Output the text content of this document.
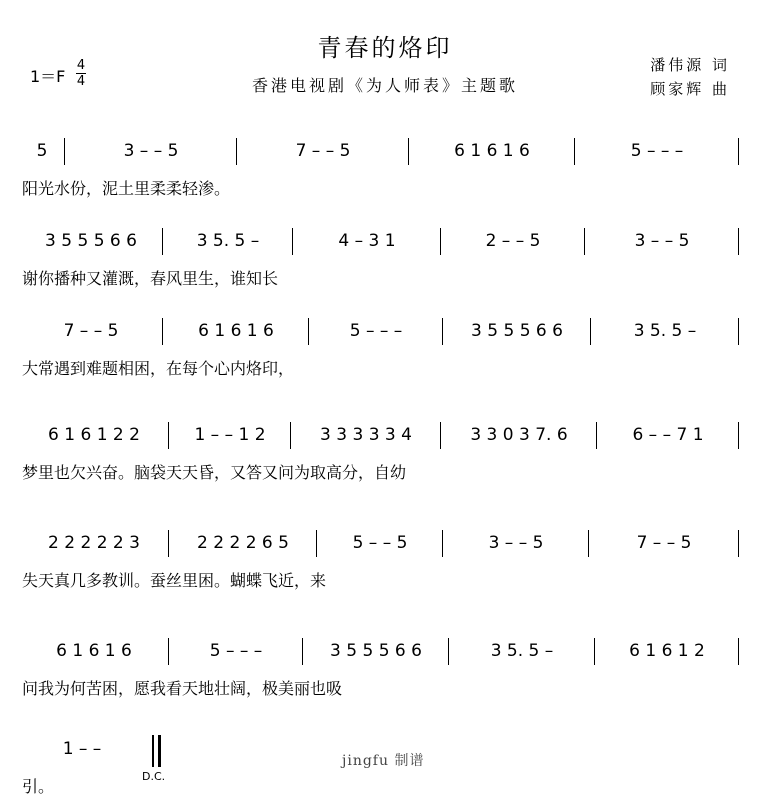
青春的烙印
香港电视剧《为人师表》主题歌
潘伟源 词
顾家辉 曲
1＝F
4
4
5	3 – – 5	7 – – 5	6 1 6 1 6	5 – – –
阳光水份，泥土里柔柔轻渗。
3 5 5 5 6 6	3 5. 5 –	4 – 3 1	2 – – 5	3 – – 5
谢你播种又灌溉，春风里生，谁知长
7 – – 5	6 1 6 1 6	5 – – –	3 5 5 5 6 6	3 5. 5 –
大常遇到难题相困，在每个心内烙印，
6 1 6 1 2 2	1 – – 1 2	3 3 3 3 3 4	3 3 0 3 7. 6	6 – – 7 1
梦里也欠兴奋。脑袋天天昏，又答又问为取高分，自幼
2 2 2 2 2 3	2 2 2 2 6 5	5 – – 5	3 – – 5	7 – – 5
失天真几多教训。蚕丝里困。蝴蝶飞近，来
6 1 6 1 6	5 – – –	3 5 5 5 6 6	3 5. 5 –	6 1 6 1 2
问我为何苦困，愿我看天地壮阔，极美丽也吸
1 – –
引。
D.C.
jingfu 制谱
